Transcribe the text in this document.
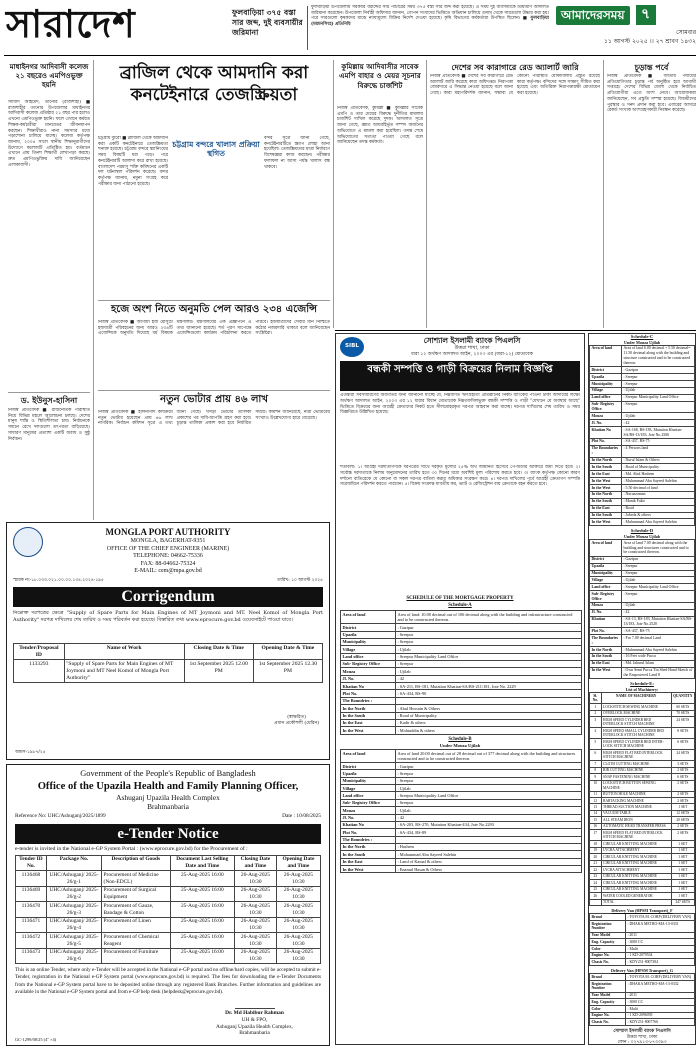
সারাদেশ	ফুলবাড়িয়া ৩৭৫ বস্তা সার জব্দ, দুই ব্যবসায়ীর জরিমানা
ফুলবাড়িয়া উপজেলায় সরকারি বরাদ্দের সার পাচারের সময় ৩৭৫ বস্তা সার জব্দ করা হয়েছে। এ সময় দুই ব্যবসায়ীকে ভ্রাম্যমাণ আদালত জরিমানা করেছেন। উপজেলা নির্বাহী অফিসার জানান, গোপন সংবাদের ভিত্তিতে অভিযান চালিয়ে গুদাম থেকে সারগুলো উদ্ধার করা হয়। পরে সারগুলো কৃষকদের মাঝে ন্যায্যমূল্যে বিক্রির নির্দেশ দেওয়া হয়েছে। কৃষি বিভাগের কর্মকর্তারা উপস্থিত ছিলেন। ■ ফুলবাড়িয়া (ময়মনসিংহ) প্রতিনিধি
আমাদেরসময়	৭
সোমবার
১১ আগস্ট ২০২৫ ।। ২৭ শ্রাবণ ১৪৩২
মাধাইনগর আদিবাসী কলেজ ২১ বছরেও এমপিওভুক্ত হয়নি
সাজিদ আহমেদ, তানোর (রাজশাহী) ■ রাজশাহীর তানোর উপজেলার মাধাইনগর আদিবাসী কলেজ প্রতিষ্ঠার ২১ বছর পার হলেও এখনো এমপিওভুক্ত হয়নি। ফলে এখানে কর্মরত শিক্ষক-কর্মচারীরা মানবেতর জীবনযাপন করছেন। শিক্ষার্থীরাও নানা সমস্যার মধ্যে পড়াশোনা চালিয়ে যাচ্ছে। কলেজ কর্তৃপক্ষ জানায়, ২০০৪ সালে স্থানীয় শিক্ষানুরাগীদের উদ্যোগে কলেজটি প্রতিষ্ঠিত হয়। বর্তমানে এখানে প্রায় তিনশ শিক্ষার্থী লেখাপড়া করছে। দ্রুত এমপিওভুক্তির দাবি জানিয়েছেন এলাকাবাসী।
ড. ইউনুস-হাসিনা
নিজস্ব প্রতিবেদক ■ রাজনৈতিক পরিস্থিতি নিয়ে বিভিন্ন মহলে আলোচনা চলছে। দেশের মানুষ শান্তি ও স্থিতিশীলতা চায়। নির্বাচনকে সামনে রেখে দলগুলো তৎপরতা বাড়িয়েছে। সাধারণ মানুষের প্রত্যাশা একটি অবাধ ও সুষ্ঠু নির্বাচন।
ব্রাজিল থেকে আমদানি করা কনটেইনারে তেজস্ক্রিয়তা
চট্টগ্রাম ব্যুরো ■ ব্রাজিল থেকে আমদানি করা একটি কনটেইনারে তেজস্ক্রিয়তা শনাক্ত হয়েছে। চট্টগ্রাম বন্দরে স্ক্যানিংয়ের সময় বিষয়টি ধরা পড়ে। পরে কনটেইনারটি আলাদা করে রাখা হয়েছে। বাংলাদেশ পরমাণু শক্তি কমিশনের একটি দল ঘটনাস্থল পরিদর্শন করেছে। বন্দর কর্তৃপক্ষ জানায়, নমুনা সংগ্রহ করে পরীক্ষার জন্য পাঠানো হয়েছে।
চট্টগ্রাম বন্দরে খালাস প্রক্রিয়া স্থগিত
বন্দর সূত্রে জানা গেছে, কনটেইনারটিতে স্ক্র্যাপ লোহা আনা হয়েছিল। তেজস্ক্রিয়তার মাত্রা নির্ধারণে বিশেষজ্ঞরা কাজ করছেন। পরীক্ষার ফলাফল না আসা পর্যন্ত খালাস বন্ধ থাকবে।
হজে অংশ নিতে অনুমতি পেল আরও ২৩৪ এজেন্সি
নিজস্ব প্রতিবেদক ■ আগামী হজ মৌসুমে হজযাত্রী পরিবহনের জন্য আরও ২৩৪টি এজেন্সিকে অনুমতি দিয়েছে ধর্ম বিষয়ক মন্ত্রণালয়। মন্ত্রণালয়ের এক প্রজ্ঞাপনে এ তথ্য জানানো হয়েছে। শর্ত পূরণ সাপেক্ষে এজেন্সিগুলো কার্যক্রম পরিচালনা করতে পারবে। হজযাত্রীদের সেবার মান নিশ্চিতে কঠোর নজরদারি থাকবে বলে জানিয়েছেন সংশ্লিষ্টরা।
নতুন ভোটার প্রায় ৪৬ লাখ
নিজস্ব প্রতিবেদক ■ হালনাগাদ কার্যক্রমে নতুন ভোটার হয়েছেন প্রায় ৪৬ লাখ নাগরিক। নির্বাচন কমিশন সূত্রে এ তথ্য জানা গেছে। খসড়া ভোটার তালিকা প্রকাশের পর দাবি-আপত্তি গ্রহণ করা হবে। চূড়ান্ত তালিকা প্রকাশ করা হবে নির্ধারিত সময়ে। কমিশন জানিয়েছে, নারী ভোটারের সংখ্যাও উল্লেখযোগ্য হারে বেড়েছে।
কুমিল্লায় আদিবাসীর সাবেক এমপি বাহার ও মেয়র সূচনার বিরুদ্ধে চার্জশিট
নিজস্ব প্রতিবেদক, কুমিল্লা ■ কুমিল্লার সাবেক এমপি ও তার মেয়ের বিরুদ্ধে দুর্নীতির মামলায় চার্জশিট দাখিল করেছে দুদক। আদালত সূত্রে জানা গেছে, জ্ঞাত আয়বহির্ভূত সম্পদ অর্জনের অভিযোগে এ মামলা করা হয়েছিল। তদন্ত শেষে অভিযোগের সত্যতা পাওয়া গেছে বলে জানিয়েছেন তদন্ত কর্মকর্তা।
দেশের সব কারাগারে রেড অ্যালার্ট জারি
নিজস্ব প্রতিবেদক ■ দেশের সব কারাগারে রেড অ্যালার্ট জারি করেছে কারা অধিদপ্তর। নিরাপত্তা জোরদারে এ সিদ্ধান্ত নেওয়া হয়েছে বলে জানা গেছে। কারা মহাপরিদর্শক জানান, সম্ভাব্য যে কোনো পরিস্থিতি মোকাবিলায় প্রস্তুত রয়েছে কারা কর্তৃপক্ষ। বন্দিদের সঙ্গে সাক্ষাৎ সীমিত করা হয়েছে এবং অতিরিক্ত নিরাপত্তারক্ষী মোতায়েন করা হয়েছে।
চূড়ান্ত পর্বে
নিজস্ব প্রতিবেদক ■ জাতীয় পর্যায়ের প্রতিযোগিতার চূড়ান্ত পর্ব অনুষ্ঠিত হবে আগামী সপ্তাহে। দেশের বিভিন্ন জেলা থেকে নির্বাচিত প্রতিযোগীরা এতে অংশ নেবে। আয়োজকরা জানিয়েছেন, সব প্রস্তুতি সম্পন্ন হয়েছে। বিজয়ীদের পুরস্কার ও সনদ প্রদান করা হবে। এবারের আসরে রেকর্ড সংখ্যক অংশগ্রহণকারী নিবন্ধন করেছে।
SIBL
সোশ্যাল ইসলামী ব্যাংক পিএলসি
উত্তরা শাখা, ঢাকা
ধারা ১২ অর্থঋণ আদালত আইন, ২০০৩ এর (ধারা-১২) মোতাবেক
বন্ধকী সম্পত্তি ও গাড়ী বিক্রয়ের নিলাম বিজ্ঞপ্তি
এতদ্বারা সর্বসাধারণের অবগতির জন্য জানানো যাচ্ছে যে, নিম্নবর্ণিত ঋণগ্রহীতা প্রতিষ্ঠানের নিকট ব্যাংকের পাওনা টাকা আদায়ের লক্ষ্যে অর্থঋণ আদালত আইন, ২০০৩ এর ১২ ধারার বিধান মোতাবেক নিম্নতফসিলভুক্ত বন্ধকী সম্পত্তি ও গাড়ী "যেখানে যে অবস্থায় আছে" ভিত্তিতে বিক্রয়ের জন্য আগ্রহী ক্রেতাদের নিকট হতে সীলমোহরকৃত দরপত্র আহবান করা যাচ্ছে। দরপত্র দাখিলের শেষ তারিখ ও সময় বিজ্ঞপ্তিতে উল্লিখিত হয়েছে।
শর্তাবলী: ১। আগ্রহী দরদাতাগণকে দরপত্রের সাথে দরকৃত মূল্যের ২৫% অর্থ জামানত হিসেবে পে-অর্ডার আকারে জমা দিতে হবে। ২। সর্বোচ্চ দরদাতাকে নিলাম অনুমোদনের তারিখ হতে ৩০ দিনের মধ্যে অবশিষ্ট মূল্য পরিশোধ করতে হবে। ৩। ব্যাংক কর্তৃপক্ষ কোনো কারণ দর্শানো ব্যতিরেকে যে কোনো বা সকল দরপত্র বাতিল করার অধিকার সংরক্ষণ করে। ৪। দরপত্র দাখিলের পূর্বে আগ্রহী ক্রেতাগণ সম্পত্তি সরেজমিনে পরিদর্শন করতে পারবেন। ৫। বিক্রয় সংক্রান্ত যাবতীয় কর, ভ্যাট ও রেজিস্ট্রেশন ব্যয় ক্রেতাকে বহন করতে হবে।
SCHEDULE OF THE MORTGAGE PROPERTY
Schedule-A
Area of land	Area of land: 10.00 decimal out of 106 decimal along with the building and infrastructure constructed and to be constructed thereon.
District	: Gazipur
Upazila	: Sreepur
Municipality	: Sreepur
Village	: Ujilab
Land office	: Sreepur Municipality Land Office
Sub- Registry Office	: Sreepur
Mouza	: Ujilab
Jl. No.	: 42
Khatian No	: SA-211, RS-181, Mutation Khatian-SA/RS-211/181, Jote No. 2229
Plot No.	: SA-434, RS-90
The Boundries :	
In the North	: Abul Hossain & Others
In the South	: Road of Municipality
In the East	: Kadir & others
In the West	: Mohiuddin & others
Schedule-B
Under Mouza Ujilab
Area of land	Area of land 20.00 decimal out of 28 decimal out of 377 decimal along with the building and structures constructed and to be constructed thereon.
District	: Gazipur
Upazila	: Sreepur
Municipality	: Sreepur
Village	: Ujilab
Land office	: Sreepur Municipality Land Office
Sub- Registry Office	: Sreepur
Mouza	: Ujilab
Jl. No.	: 42
Khatian No	: SA-203, RS-270, Mutation Khatian-434, Jote No.2293
Plot No.	: SA-434, RS-89
The Boundries :	
In the North	: Hashem
In the South	: Mohammad Abu Sayeed Salehin
In the East	: Land of Kamal & others
In the West	: Enamul Hasan & Others
Schedule-C
Under Mouza Ujilab
Area of land	Area of land 6.00 decimal + 5.50 decimal= 11.50 decimal along with the building and structure constructed and to be constructed thereon.
District	: Gazipur
Upazila	: Sreepur
Municipality	: Sreepur
Village	: Ujilab
Land office	: Sreepur Municipality Land Office
Sub- Registry Office	: Sreepur
Mouza	: Ujilab
Jl. No.	: 42
Khatian No	: SA-168, RS-183, Mutation Khatian-SA/RS-13/183, Jote No.2506
Plot No.	: SA-437, RS-75
The Boundaries :	: 4 Persons land
In the North	: Nurul Islam & Others
In the South	: Road of Municipality
In the East	: Md. Abul Hashem
In the West	: Muhammad Abu Sayeed Salehin
In the West	: 5.50 decimal of land
In the North	: Nuruzzaman
In the South	: Manik Fakir
In the East	: Road
In the South	: Jobeda & others
In the West	: Muhammad Abu Sayeed Salehin
Schedule-D
Under Mouza Ujilab
Area of land	Area of land 7.00 decimal along with the building and structures constructed and to be constructed thereon.
District	: Gazipur
Upazila	: Sreepur
Municipality	: Sreepur
Village	: Ujilab
Land office	: Sreepur Municipality Land Office
Sub- Registry Office	: Sreepur
Mouza	: Ujilab
Jl. No.	: 42
Khatian	: SA-13, RS-183, Mutation Khatian-SA/RS-13/183, Jote No.2520
Plot No.	: SA-437, RS-75
The Boundaries :	: For 7.00 decimal Land
In the North	: Muhammad Abu Sayeed Salehin
In the South	: 16 Feet wide Pucca
In the East	: Md. Jahurul Islam
In the West	: Own Semi Pucca Tin Shed Hand Sketch of the Empowered Land 8
Schedule-E:
List of Machinery:
Sl. No.	NAME OF MACHINERY	QUANTITY
1	LOCKSTITCH SEWING MACHINE	60 SETS
2	OVERLOCK MACHINE	70 SETS
3	HIGH SPEED CYLINDER BED INTERLOCK STITCH MACHINE	24 SETS
4	HIGH SPEED SMALL CYLINDER BED INTERLOCK STITCH MACHINE	8 SETS
5	HIGH SPEED CYLINDER BED INTER-LOCK STITCH MACHINE	6 SETS
6	HIGH SPEED FLAT BED INTERLOCK STITCH MACHINE	24 SETS
7	CLOTH CUTTING MACHINE	3 SETS
8	RIB CUTTING MACHINE	2 SETS
9	SNAP FASTENING MACHINE	6 SETS
10	LOCKSTITCH BUTTON SEWING MACHINE	2 SETS
11	BUTTON HOLE MACHINE	2 SETS
12	BARTACKING MACHINE	2 SETS
13	THREAD SUCTION MACHINE	1 SET
14	VACUUM TABLE	12 SETS
15	ALL STEAM IRON	20 SETS
16	AUTOMATIC HEAD TRANSFER PRESS	2 SETS
17	HIGH SPEED FLAT BED INTERLOCK STITCH MACHINE	2 SETS
18	CIRCULAR KNITTING MACHINE	1 SET
19	LYCRA ATTACHMENT	1 SET
20	CIRCULAR KNITTING MACHINE	1 SET
21	CIRCULAR KNITTING MACHINE	1 SET
22	LYCRA ATTACHMENT	1 SET
23	CIRCULAR KNITTING MACHINE	1 SET
24	CIRCULAR KNITTING MACHINE	1 SET
25	CIRCULAR KNITTING MACHINE	1 SET
26	WATER COOLED GENERATOR	1 SET
	TOTAL	247 SETS
Delivery Van (HPSM Transport)_F
Brand	: TOYOTA M. CORP (DELIVERY VAN)
Registration Number	: DHAKA METRO-MA-13-0331
Year Model	: 2011
Eng. Capacity	: 3000 CC
Color	: Multi
Engine No.	: 1 KD-2079534
Chasis No.	: KDY231-8007384
Delivery Van (HPSM Transport)_G
Brand	: TOYOTA M. CORP (DELIVERY VAN)
Registration Number	: DHAKA METRO-MA-13-0332
Year Model	: 2011
Eng. Capacity	: 3000 CC
Color	: Multi
Engine No.	: 1 KD-2096039
Chasis No.	: KDY231-8007766
সোশ্যাল ইসলামী ব্যাংক পিএলসি
উত্তরা শাখা, ঢাকা
ফোন : ০২৭৯১৩-৮৭৩৩৯৩
MONGLA PORT AUTHORITY
MONGLA, BAGERHAT-9351
OFFICE OF THE CHIEF ENGINEER (MARINE)
TELEPHONE: 04662-75336
FAX: 88-04662-75324
E-MAIL: cem@mpa.gov.bd
স্মারক নং-১৮.০৩৩.০২১.০০.০০.১৩৪.২০২৪-১৯৫	তারিখ: ১০ আগস্ট ২০২৫
Corrigendum
নিম্নোক্ত দরপত্রের ক্ষেত্রে "Supply of Spare Parts for Main Engines of MT Joymoni and MT. Neel Komol of Mongla Port Authority" দরপত্র দাখিলের শেষ তারিখ ও সময় পরিবর্তন করা হয়েছে। বিস্তারিত তথ্য www.eprocure.gov.bd ওয়েবসাইটে পাওয়া যাবে।
Tender/Proposal ID	Name of Work	Closing Date & Time	Opening Date & Time
1133293	"Supply of Spare Parts for Main Engines of MT Joymoni and MT Neel Komol of Mongla Port Authority"	1st September 2025 12.00 PM	1st September 2025 12.30 PM
(স্বাক্ষরিত)
প্রধান প্রকৌশলী (মেরিন)
আমস-১৯৮৭/২৫
Government of the People's Republic of Bangladesh
Office of the Upazila Health and Family Planning Officer,
Ashuganj Upazila Health Complex
Brahmanbaria
Reference No: UHC/Ashuganj/2025/1899	Date : 10/08/2025
e-Tender Notice
e-tender is invited in the National e-GP System Portal : (www.eprocure.gov.bd) for the Procurement of :
Tender ID No.	Package No.	Description of Goods	Document Last Selling Date and Time	Closing Date and Time	Opening Date and Time
1136468	UHC/Ashuganj/ 2025-26/g-1	Procurement of Medicine (Non-EDCL)	25-Aug-2025 16:00	26-Aug-2025 10:30	26-Aug-2025 10:30
1136469	UHC/Ashuganj/ 2025-26/g-2	Procurement of Surgical Equipment	25-Aug-2025 16:00	26-Aug-2025 10:30	26-Aug-2025 10:30
1136470	UHC/Ashuganj/ 2025-26/g-3	Procurement of Gauze, Bandage & Cotton	25-Aug-2025 16:00	26-Aug-2025 10:30	26-Aug-2025 10:30
1136471	UHC/Ashuganj/ 2025-26/g-4	Procurement of Linen	25-Aug-2025 16:00	26-Aug-2025 10:30	26-Aug-2025 10:30
1136472	UHC/Ashuganj/ 2025-26/g-5	Procurement of Chemical Reagent	25-Aug-2025 16:00	26-Aug-2025 10:30	26-Aug-2025 10:30
1136473	UHC/Ashuganj/ 2025-26/g-6	Procurement of Furniture	25-Aug-2025 16:00	26-Aug-2025 10:30	26-Aug-2025 10:30
This is an online Tender, where only e-Tender will be accepted in the National e-GP portal and no offline/hard copies, will be accepted to submit e-Tender, registration in the National e-GP System portal (www.eprocure.gov.bd) is required. The fees for downloading the e-Tender Documents from the National e-GP System portal have to be deposited online through any registered Bank Branches. Further information and guidelines are available in the National e-GP System portal and from e-GP help desk (helpdesk@eprocure.gov.bd).
Dr. Md Habibur Rahman
UH & FPO,
Ashuganj Upazila Health Complex,
Brahmanbaria
GC-1299/08/25 (4'' ×4)
